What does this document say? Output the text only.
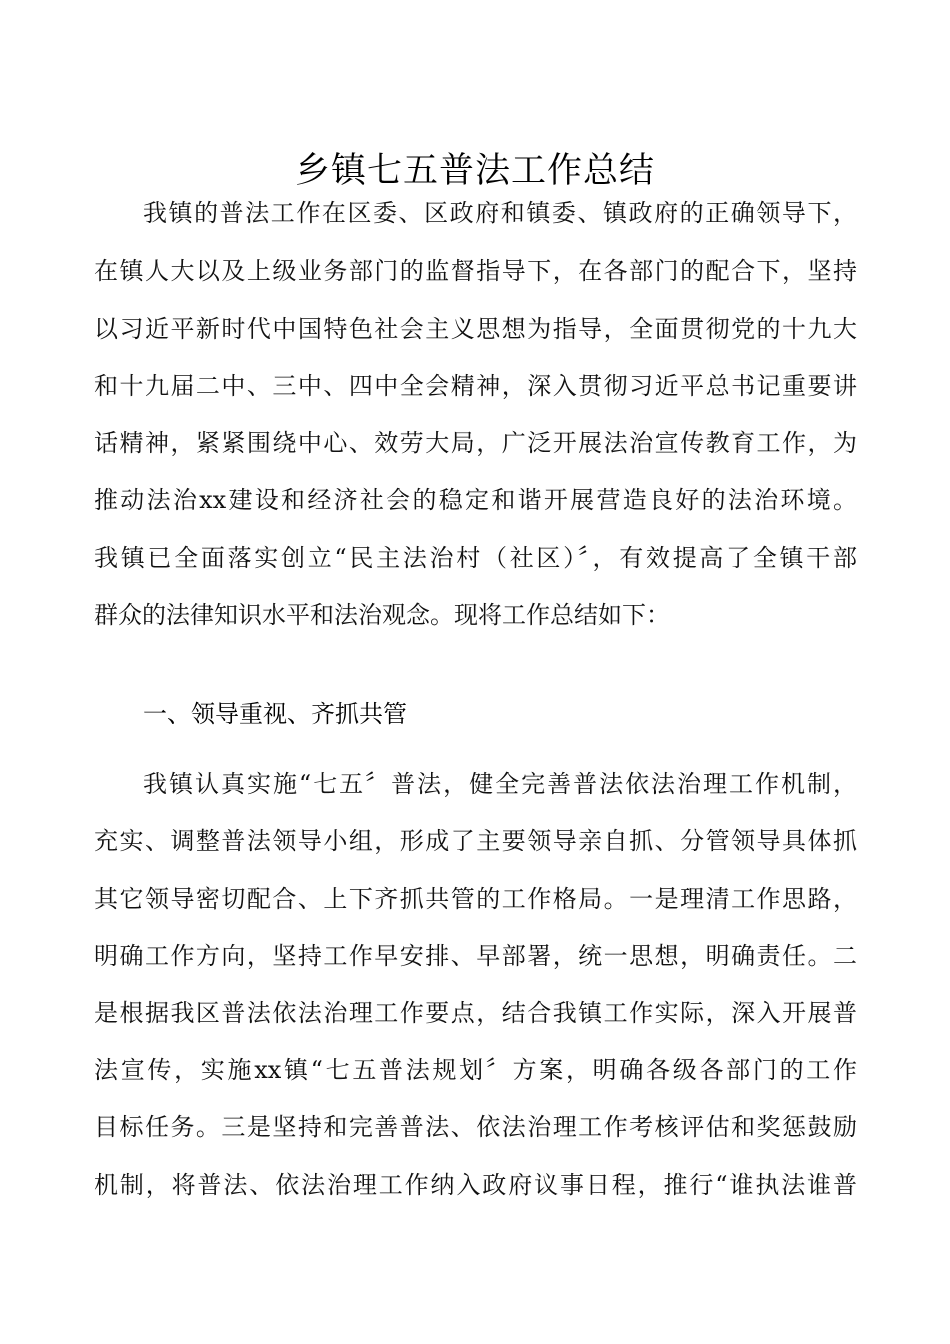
乡镇七五普法工作总结
我镇的普法工作在区委、区政府和镇委、镇政府的正确领导下，
在镇人大以及上级业务部门的监督指导下，在各部门的配合下，坚持
以习近平新时代中国特色社会主义思想为指导，全面贯彻党的十九大
和十九届二中、三中、四中全会精神，深入贯彻习近平总书记重要讲
话精神，紧紧围绕中心、效劳大局，广泛开展法治宣传教育工作，为
推动法治xx建设和经济社会的稳定和谐开展营造良好的法治环境。
我镇已全面落实创立“民主法治村（社区）〞，有效提高了全镇干部
群众的法律知识水平和法治观念。现将工作总结如下：
一、领导重视、齐抓共管
我镇认真实施“七五〞普法，健全完善普法依法治理工作机制，
充实、调整普法领导小组，形成了主要领导亲自抓、分管领导具体抓
其它领导密切配合、上下齐抓共管的工作格局。一是理清工作思路，
明确工作方向，坚持工作早安排、早部署，统一思想，明确责任。二
是根据我区普法依法治理工作要点，结合我镇工作实际，深入开展普
法宣传，实施xx镇“七五普法规划〞方案，明确各级各部门的工作
目标任务。三是坚持和完善普法、依法治理工作考核评估和奖惩鼓励
机制，将普法、依法治理工作纳入政府议事日程，推行“谁执法谁普
